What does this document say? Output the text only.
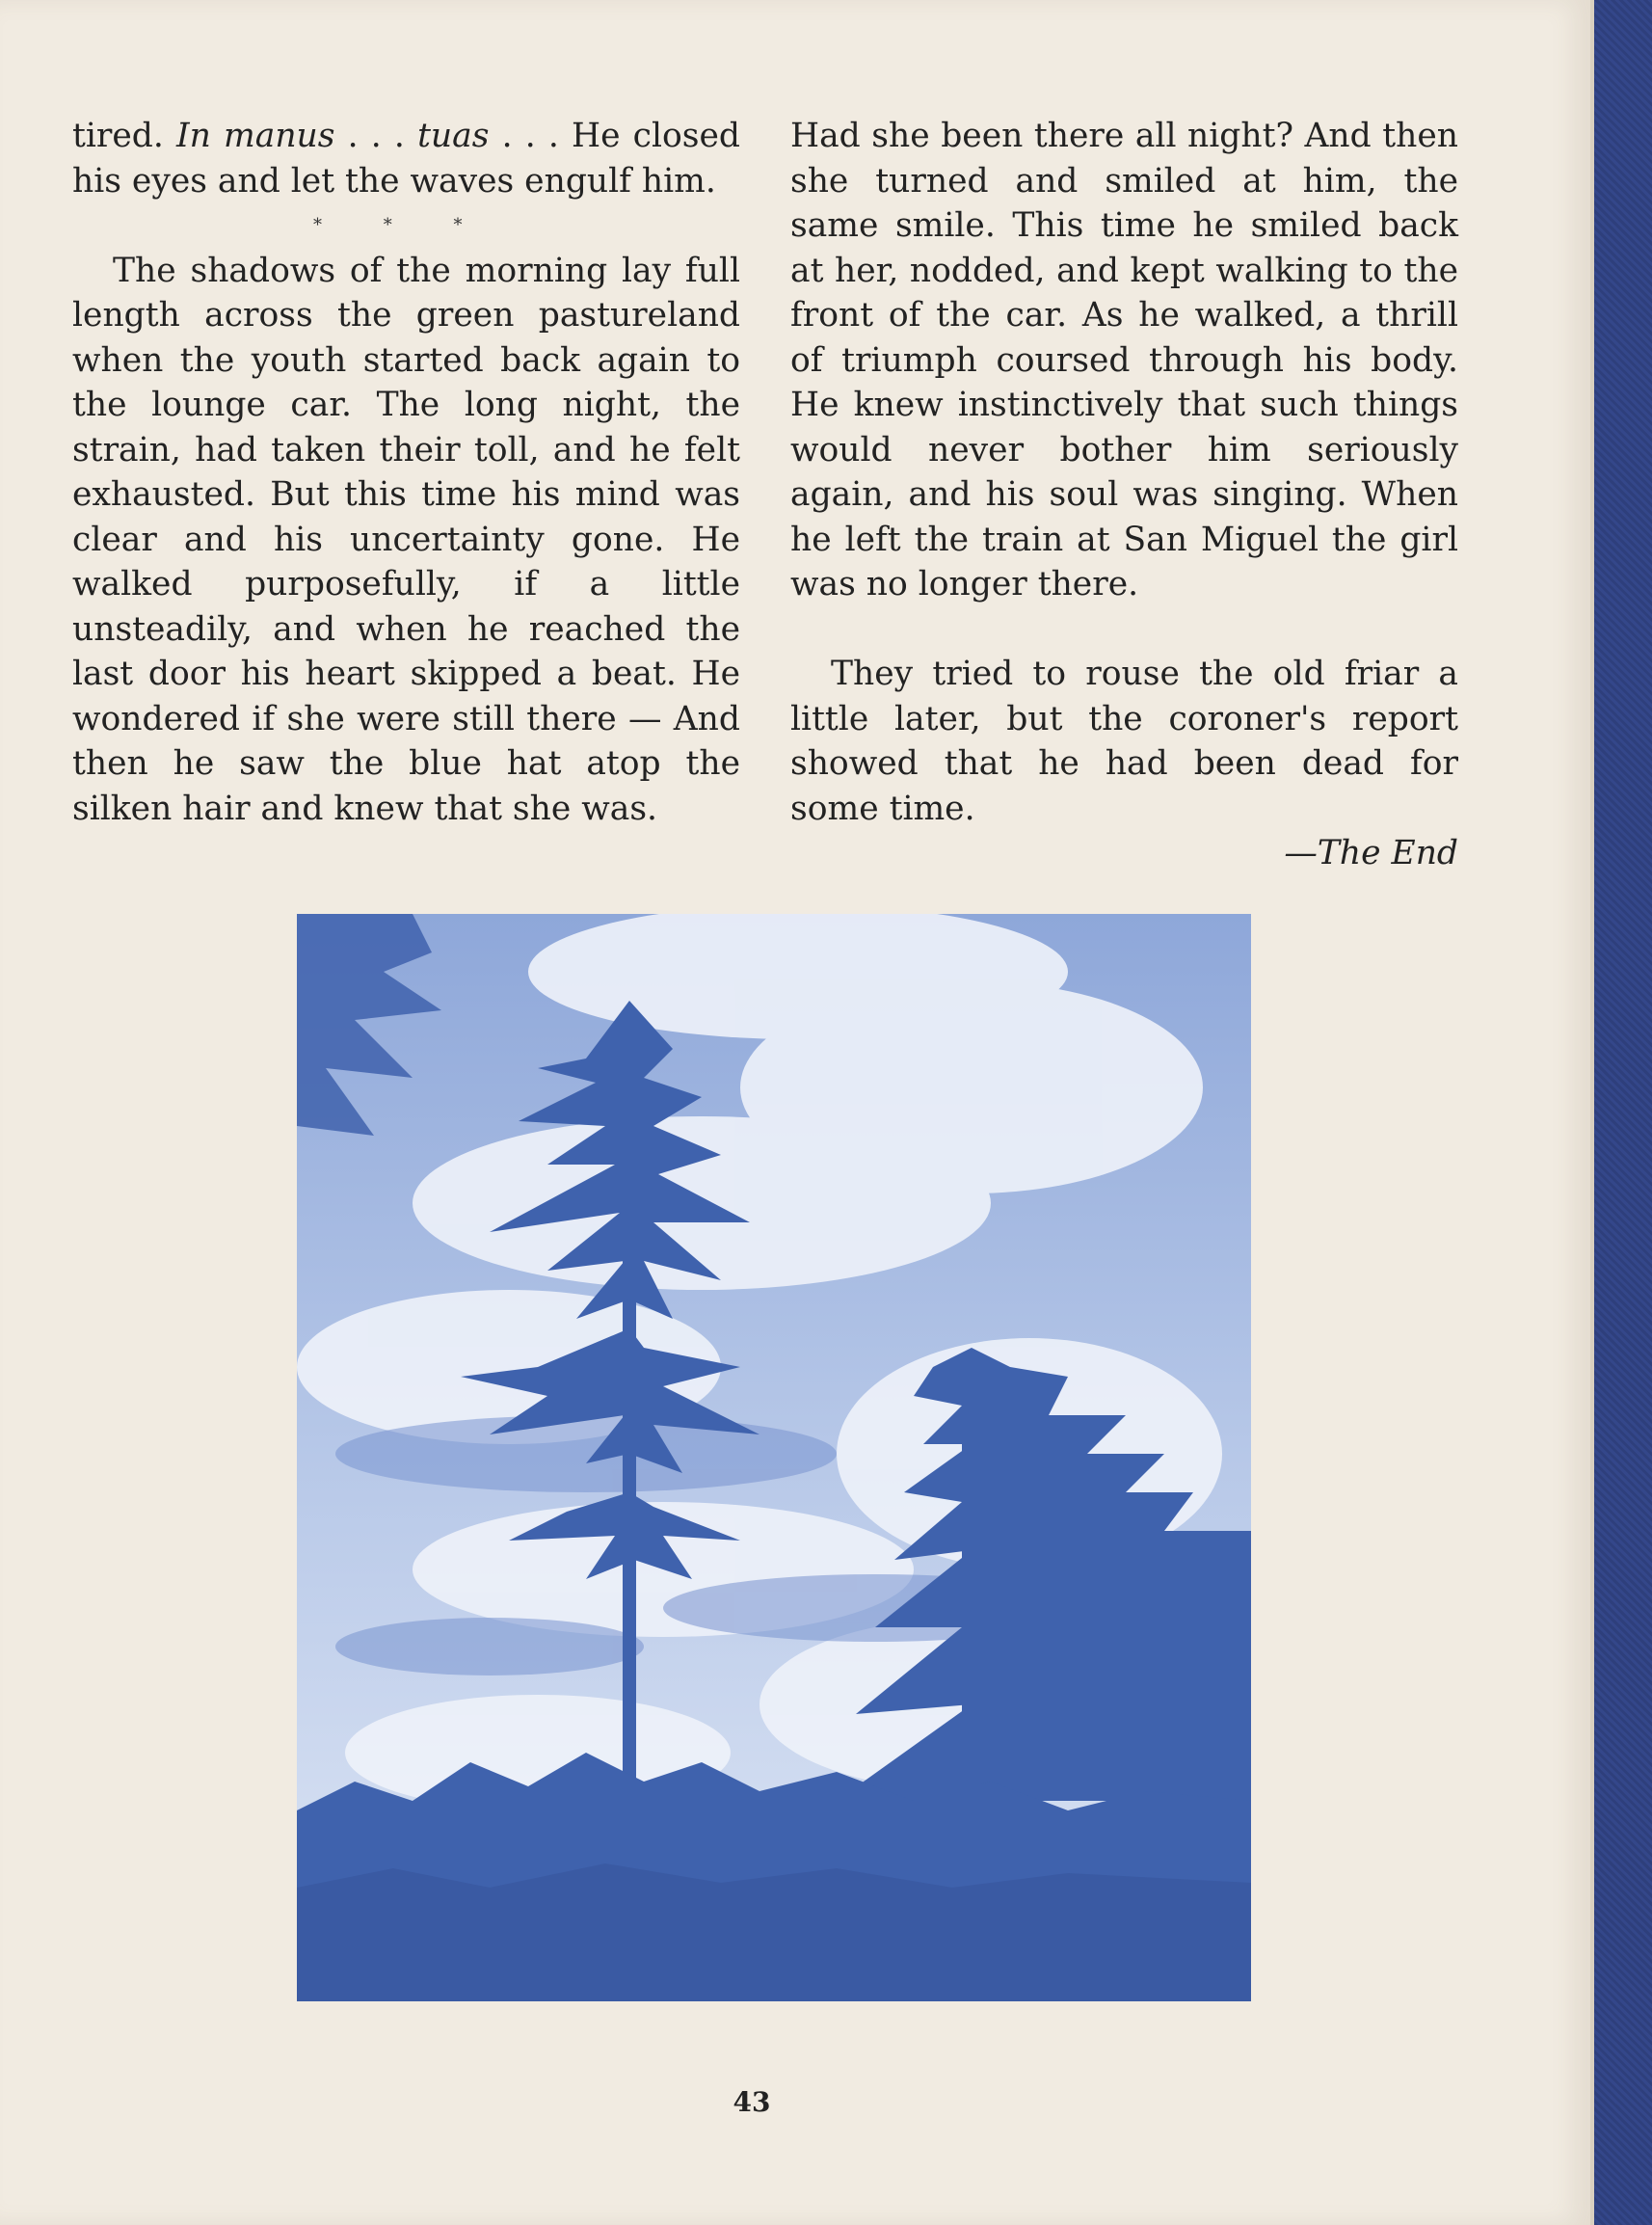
tired. In manus . . . tuas . . . He closed his eyes and let the waves engulf him.

* * *

The shadows of the morning lay full length across the green pastureland when the youth started back again to the lounge car. The long night, the strain, had taken their toll, and he felt exhausted. But this time his mind was clear and his uncertainty gone. He walked purposefully, if a little unsteadily, and when he reached the last door his heart skipped a beat. He wondered if she were still there — And then he saw the blue hat atop the silken hair and knew that she was.

Had she been there all night? And then she turned and smiled at him, the same smile. This time he smiled back at her, nodded, and kept walking to the front of the car. As he walked, a thrill of triumph coursed through his body. He knew instinctively that such things would never bother him seriously again, and his soul was singing. When he left the train at San Miguel the girl was no longer there.

They tried to rouse the old friar a little later, but the coroner's report showed that he had been dead for some time.

—The End

43
